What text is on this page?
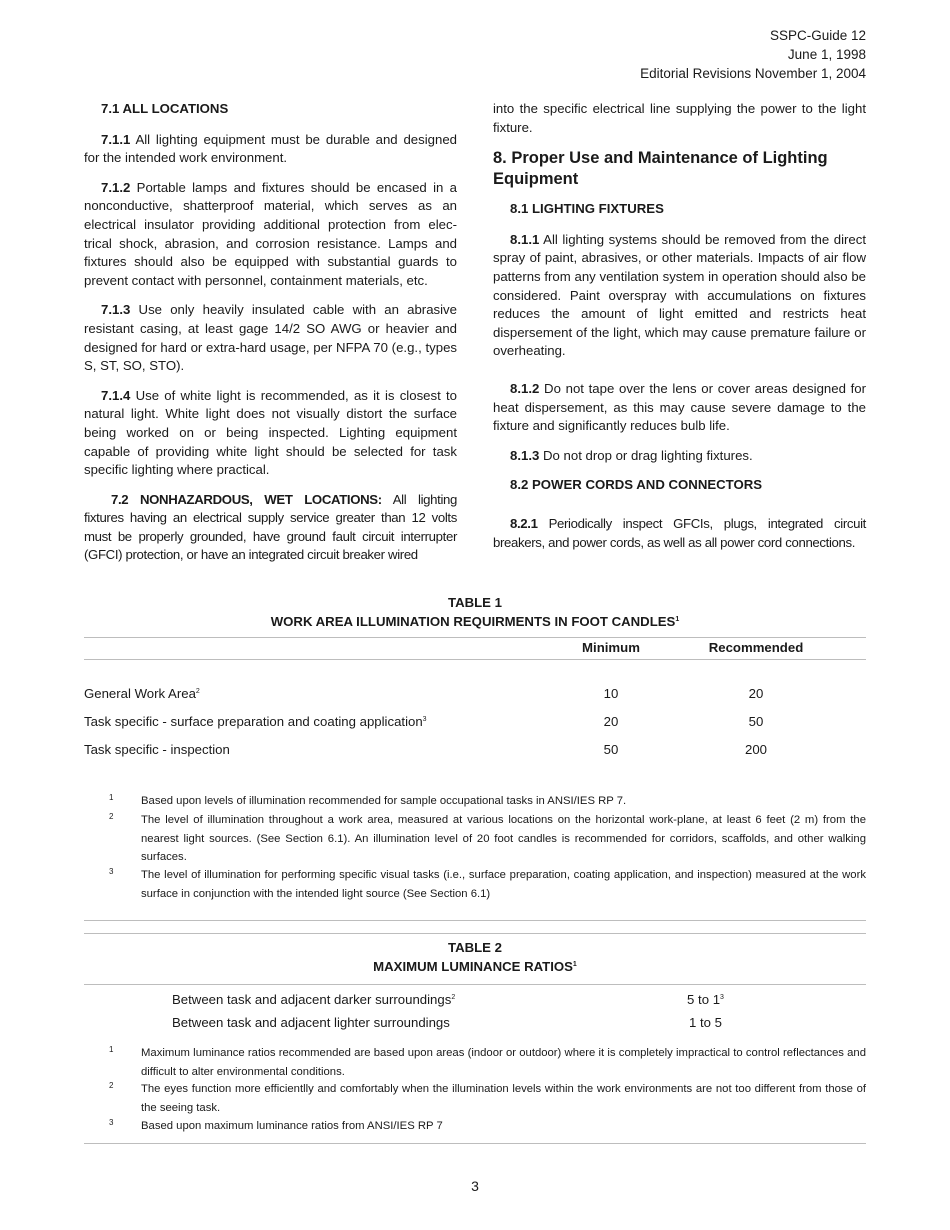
SSPC-Guide 12
June 1, 1998
Editorial Revisions November 1, 2004
7.1 ALL LOCATIONS

7.1.1 All lighting equipment must be durable and designed for the intended work environment.

7.1.2 Portable lamps and fixtures should be encased in a nonconductive, shatterproof material, which serves as an electrical insulator providing additional protection from elec-trical shock, abrasion, and corrosion resistance. Lamps and fixtures should also be equipped with substantial guards to prevent contact with personnel, containment materials, etc.

7.1.3 Use only heavily insulated cable with an abrasive resistant casing, at least gage 14/2 SO AWG or heavier and designed for hard or extra-hard usage, per NFPA 70 (e.g., types S, ST, SO, STO).

7.1.4 Use of white light is recommended, as it is closest to natural light. White light does not visually distort the surface being worked on or being inspected. Lighting equipment capable of providing white light should be selected for task specific lighting where practical.

7.2 NONHAZARDOUS, WET LOCATIONS: All lighting fixtures having an electrical supply service greater than 12 volts must be properly grounded, have ground fault circuit interrupter (GFCI) protection, or have an integrated circuit breaker wired

into the specific electrical line supplying the power to the light fixture.

8. Proper Use and Maintenance of Lighting Equipment

8.1 LIGHTING FIXTURES

8.1.1 All lighting systems should be removed from the direct spray of paint, abrasives, or other materials. Impacts of air flow patterns from any ventilation system in operation should also be considered. Paint overspray with accumulations on fixtures reduces the amount of light emitted and restricts heat dispersement of the light, which may cause premature failure or overheating.

8.1.2 Do not tape over the lens or cover areas designed for heat dispersement, as this may cause severe damage to the fixture and significantly reduces bulb life.

8.1.3 Do not drop or drag lighting fixtures.

8.2 POWER CORDS AND CONNECTORS

8.2.1 Periodically inspect GFCIs, plugs, integrated circuit breakers, and power cords, as well as all power cord connections.

TABLE 1
WORK AREA ILLUMINATION REQUIRMENTS IN FOOT CANDLES$^1$
Minimum	Recommended
General Work Area$^2$	10	20
Task specific - surface preparation and coating application$^3$	20	50
Task specific - inspection	50	200
1 Based upon levels of illumination recommended for sample occupational tasks in ANSI/IES RP 7.
2 The level of illumination throughout a work area, measured at various locations on the horizontal work-plane, at least 6 feet (2 m) from the nearest light sources. (See Section 6.1). An illumination level of 20 foot candles is recommended for corridors, scaffolds, and other walking surfaces.
3 The level of illumination for performing specific visual tasks (i.e., surface preparation, coating application, and inspection) measured at the work surface in conjunction with the intended light source (See Section 6.1)
TABLE 2
MAXIMUM LUMINANCE RATIOS$^1$
Between task and adjacent darker surroundings$^2$	5 to $1^3$
Between task and adjacent lighter surroundings	1 to 5
1 Maximum luminance ratios recommended are based upon areas (indoor or outdoor) where it is completely impractical to control reflectances and difficult to alter environmental conditions.
2 The eyes function more efficientlly and comfortably when the illumination levels within the work environments are not too different from those of the seeing task.
3 Based upon maximum luminance ratios from ANSI/IES RP 7
3
